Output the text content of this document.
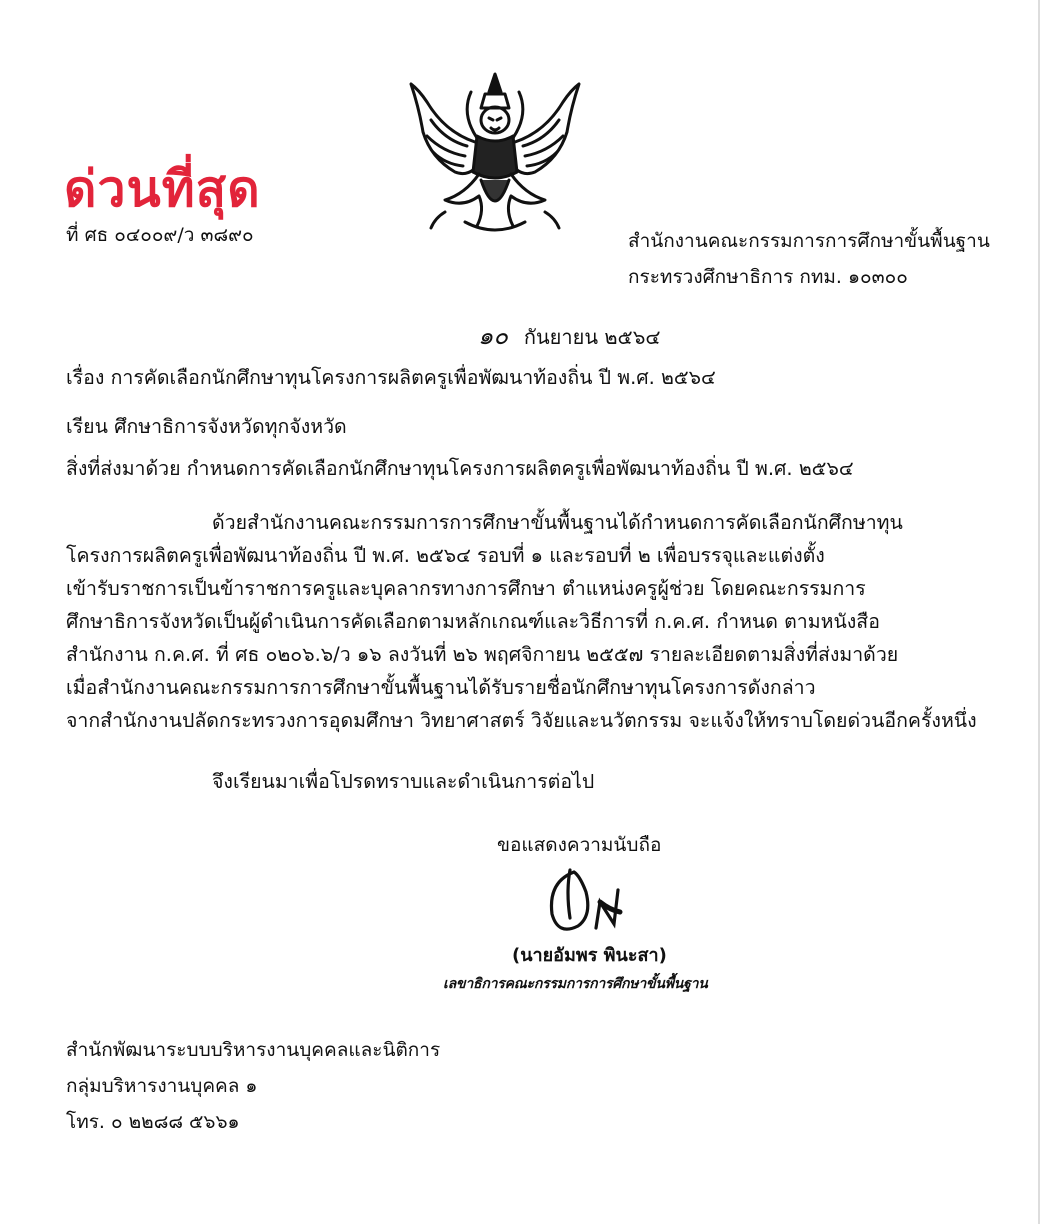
ด่วนที่สุด
ที่ ศธ ๐๔๐๐๙/ว ๓๘๙๐	สำนักงานคณะกรรมการการศึกษาขั้นพื้นฐาน
กระทรวงศึกษาธิการ กทม. ๑๐๓๐๐
๑๐ กันยายน ๒๕๖๔
เรื่อง การคัดเลือกนักศึกษาทุนโครงการผลิตครูเพื่อพัฒนาท้องถิ่น ปี พ.ศ. ๒๕๖๔
เรียน ศึกษาธิการจังหวัดทุกจังหวัด
สิ่งที่ส่งมาด้วย กำหนดการคัดเลือกนักศึกษาทุนโครงการผลิตครูเพื่อพัฒนาท้องถิ่น ปี พ.ศ. ๒๕๖๔
ด้วยสำนักงานคณะกรรมการการศึกษาขั้นพื้นฐานได้กำหนดการคัดเลือกนักศึกษาทุน
โครงการผลิตครูเพื่อพัฒนาท้องถิ่น ปี พ.ศ. ๒๕๖๔ รอบที่ ๑ และรอบที่ ๒ เพื่อบรรจุและแต่งตั้ง
เข้ารับราชการเป็นข้าราชการครูและบุคลากรทางการศึกษา ตำแหน่งครูผู้ช่วย โดยคณะกรรมการ
ศึกษาธิการจังหวัดเป็นผู้ดำเนินการคัดเลือกตามหลักเกณฑ์และวิธีการที่ ก.ค.ศ. กำหนด ตามหนังสือ
สำนักงาน ก.ค.ศ. ที่ ศธ ๐๒๐๖.๖/ว ๑๖ ลงวันที่ ๒๖ พฤศจิกายน ๒๕๕๗ รายละเอียดตามสิ่งที่ส่งมาด้วย
เมื่อสำนักงานคณะกรรมการการศึกษาขั้นพื้นฐานได้รับรายชื่อนักศึกษาทุนโครงการดังกล่าว
จากสำนักงานปลัดกระทรวงการอุดมศึกษา วิทยาศาสตร์ วิจัยและนวัตกรรม จะแจ้งให้ทราบโดยด่วนอีกครั้งหนึ่ง
จึงเรียนมาเพื่อโปรดทราบและดำเนินการต่อไป
ขอแสดงความนับถือ
(นายอัมพร พินะสา)
เลขาธิการคณะกรรมการการศึกษาขั้นพื้นฐาน
สำนักพัฒนาระบบบริหารงานบุคคลและนิติการ
กลุ่มบริหารงานบุคคล ๑
โทร. ๐ ๒๒๘๘ ๕๖๖๑
